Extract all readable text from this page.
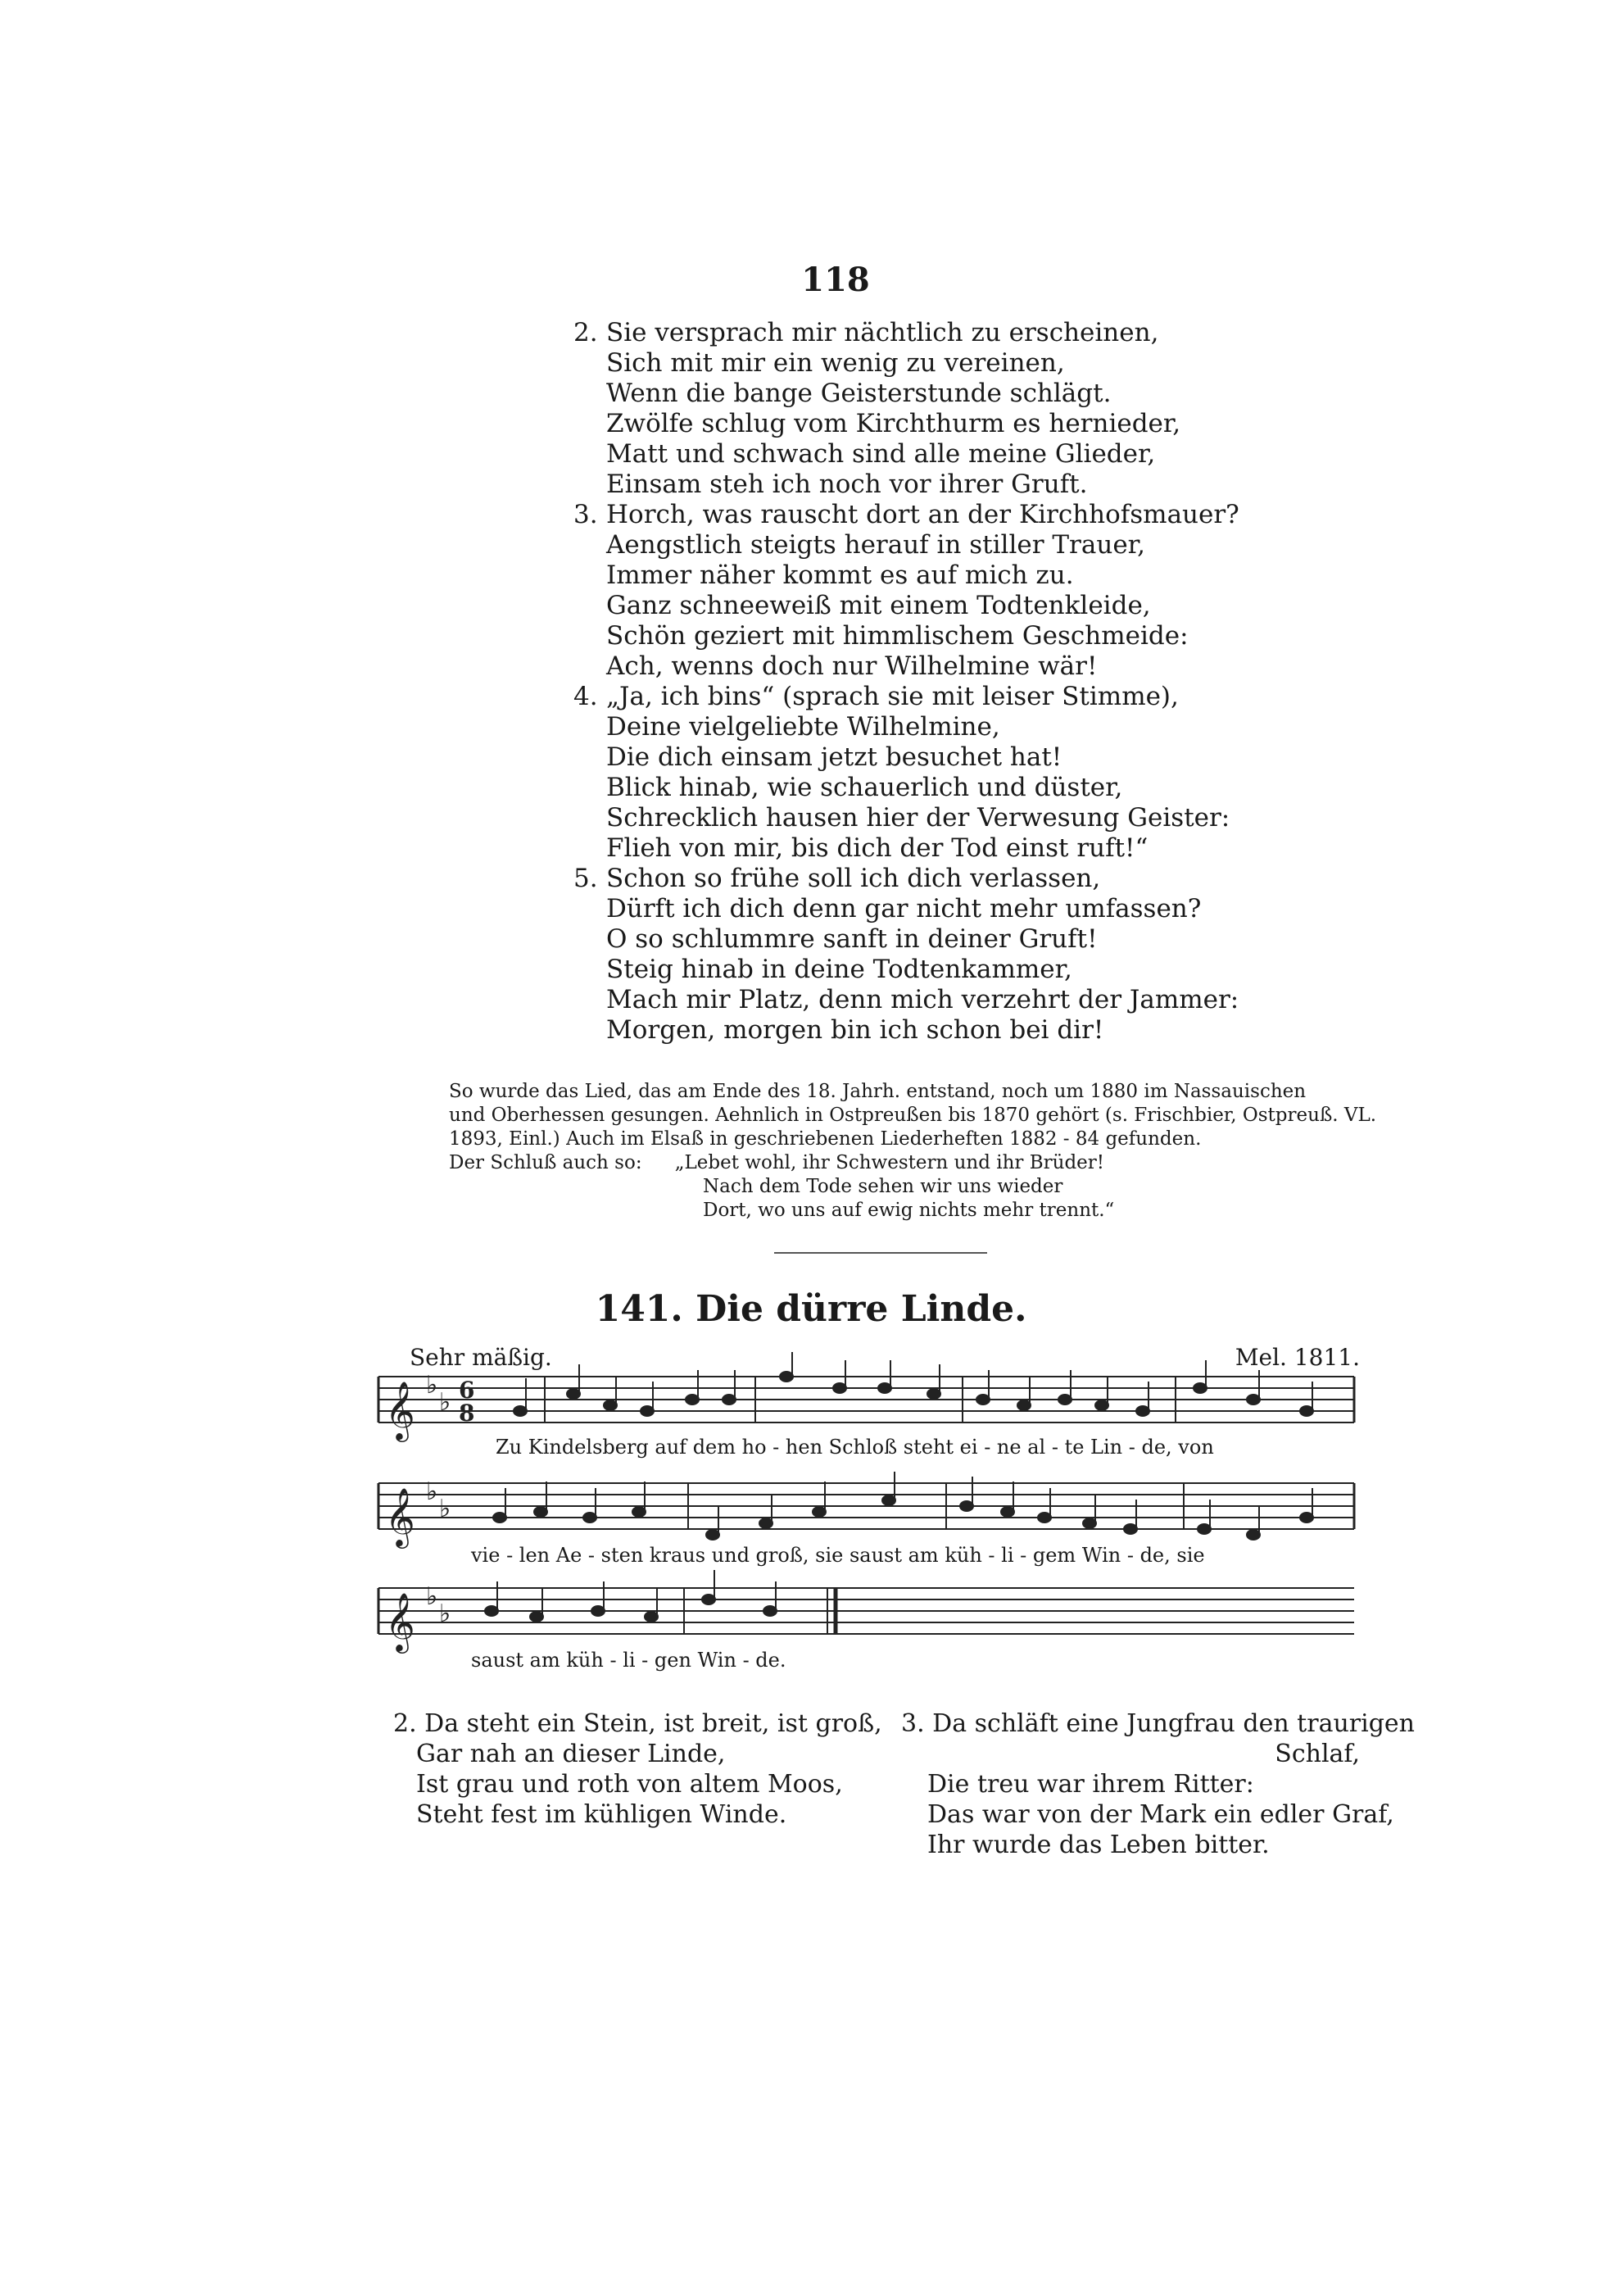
118
2. Sie versprach mir nächtlich zu erscheinen,
Sich mit mir ein wenig zu vereinen,
Wenn die bange Geisterstunde schlägt.
Zwölfe schlug vom Kirchthurm es hernieder,
Matt und schwach sind alle meine Glieder,
Einsam steh ich noch vor ihrer Gruft.
3. Horch, was rauscht dort an der Kirchhofsmauer?
Aengstlich steigts herauf in stiller Trauer,
Immer näher kommt es auf mich zu.
Ganz schneeweiß mit einem Todtenkleide,
Schön geziert mit himmlischem Geschmeide:
Ach, wenns doch nur Wilhelmine wär!
4. „Ja, ich bins“ (sprach sie mit leiser Stimme),
Deine vielgeliebte Wilhelmine,
Die dich einsam jetzt besuchet hat!
Blick hinab, wie schauerlich und düster,
Schrecklich hausen hier der Verwesung Geister:
Flieh von mir, bis dich der Tod einst ruft!“
5. Schon so frühe soll ich dich verlassen,
Dürft ich dich denn gar nicht mehr umfassen?
O so schlummre sanft in deiner Gruft!
Steig hinab in deine Todtenkammer,
Mach mir Platz, denn mich verzehrt der Jammer:
Morgen, morgen bin ich schon bei dir!
So wurde das Lied, das am Ende des 18. Jahrh. entstand, noch um 1880 im Nassauischen
und Oberhessen gesungen. Aehnlich in Ostpreußen bis 1870 gehört (s. Frischbier, Ostpreuß. VL.
1893, Einl.) Auch im Elsaß in geschriebenen Liederheften 1882 - 84 gefunden.
Der Schluß auch so: „Lebet wohl, ihr Schwestern und ihr Brüder!
Nach dem Tode sehen wir uns wieder
Dort, wo uns auf ewig nichts mehr trennt.“
141. Die dürre Linde.
Sehr mäßig.	Mel. 1811.
𝄞
𝄞
𝄞
♭
♭
♭
♭
♭
♭
6
8
Zu Kindelsberg auf dem ho - hen Schloß steht ei - ne al - te Lin - de, von
vie - len Ae - sten kraus und groß, sie saust am küh - li - gem Win - de, sie
saust am küh - li - gen Win - de.
2. Da steht ein Stein, ist breit, ist groß,
Gar nah an dieser Linde,
Ist grau und roth von altem Moos,
Steht fest im kühligen Winde.
3. Da schläft eine Jungfrau den traurigen
Schlaf,
Die treu war ihrem Ritter:
Das war von der Mark ein edler Graf,
Ihr wurde das Leben bitter.
